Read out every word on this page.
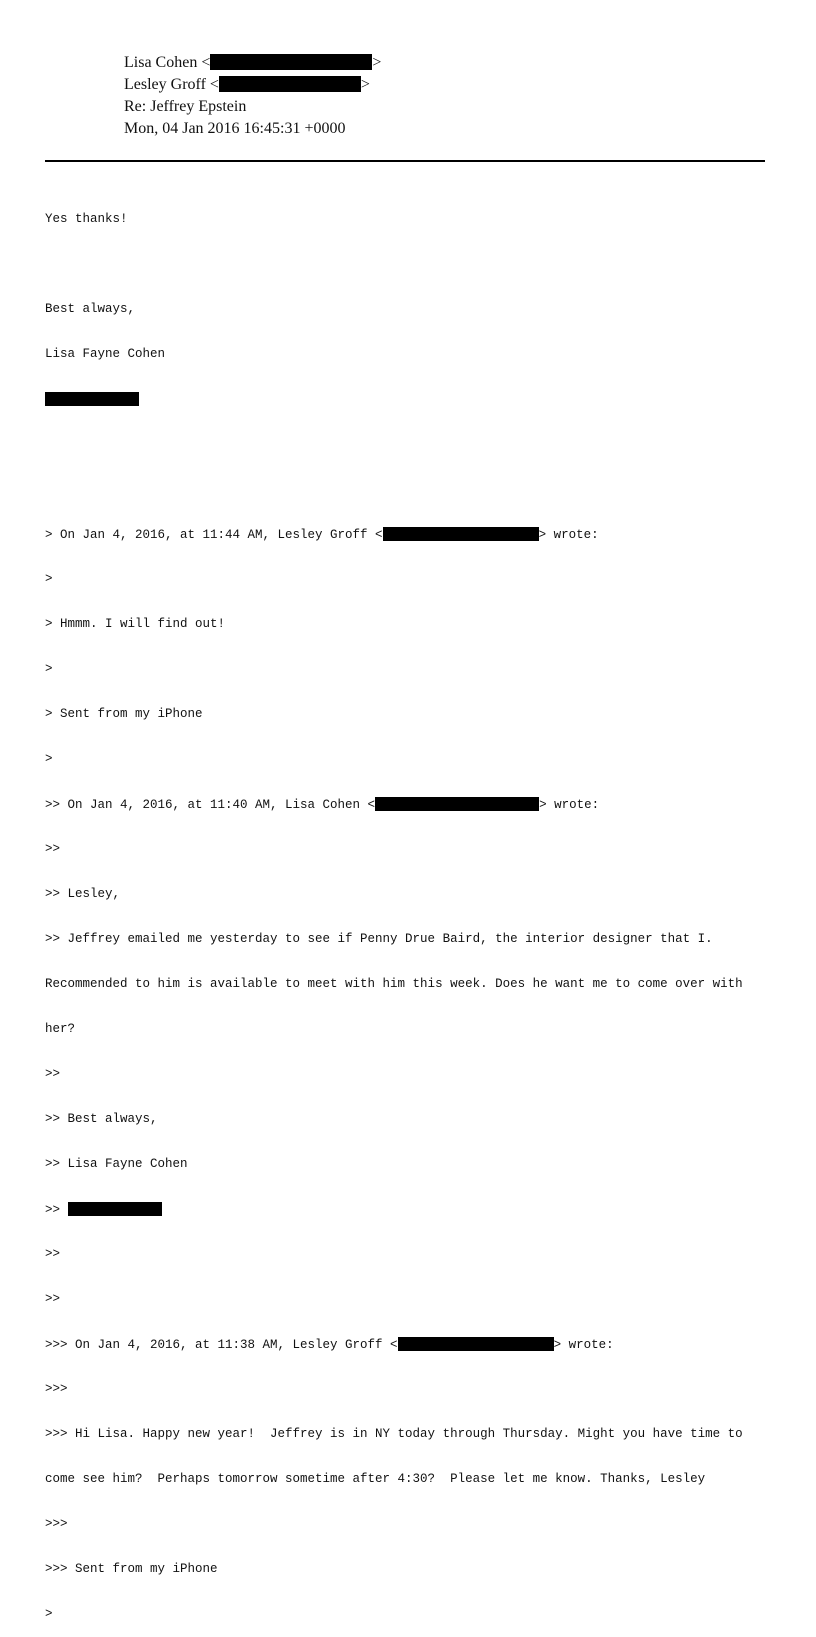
Lisa Cohen <	>
Lesley Groff <	>
Re: Jeffrey Epstein
Mon, 04 Jan 2016 16:45:31 +0000

Yes thanks!

Best always,

Lisa Fayne Cohen

> On Jan 4, 2016, at 11:44 AM, Lesley Groff <	> wrote:

>

> Hmmm. I will find out!

>

> Sent from my iPhone

>

>> On Jan 4, 2016, at 11:40 AM, Lisa Cohen <	> wrote:

>>

>> Lesley,

>> Jeffrey emailed me yesterday to see if Penny Drue Baird, the interior designer that I.

Recommended to him is available to meet with him this week. Does he want me to come over with

her?

>>

>> Best always,

>> Lisa Fayne Cohen

>>

>>

>>

>>> On Jan 4, 2016, at 11:38 AM, Lesley Groff <	> wrote:

>>>

>>> Hi Lisa. Happy new year!  Jeffrey is in NY today through Thursday. Might you have time to

come see him?  Perhaps tomorrow sometime after 4:30?  Please let me know. Thanks, Lesley

>>>

>>> Sent from my iPhone

>
